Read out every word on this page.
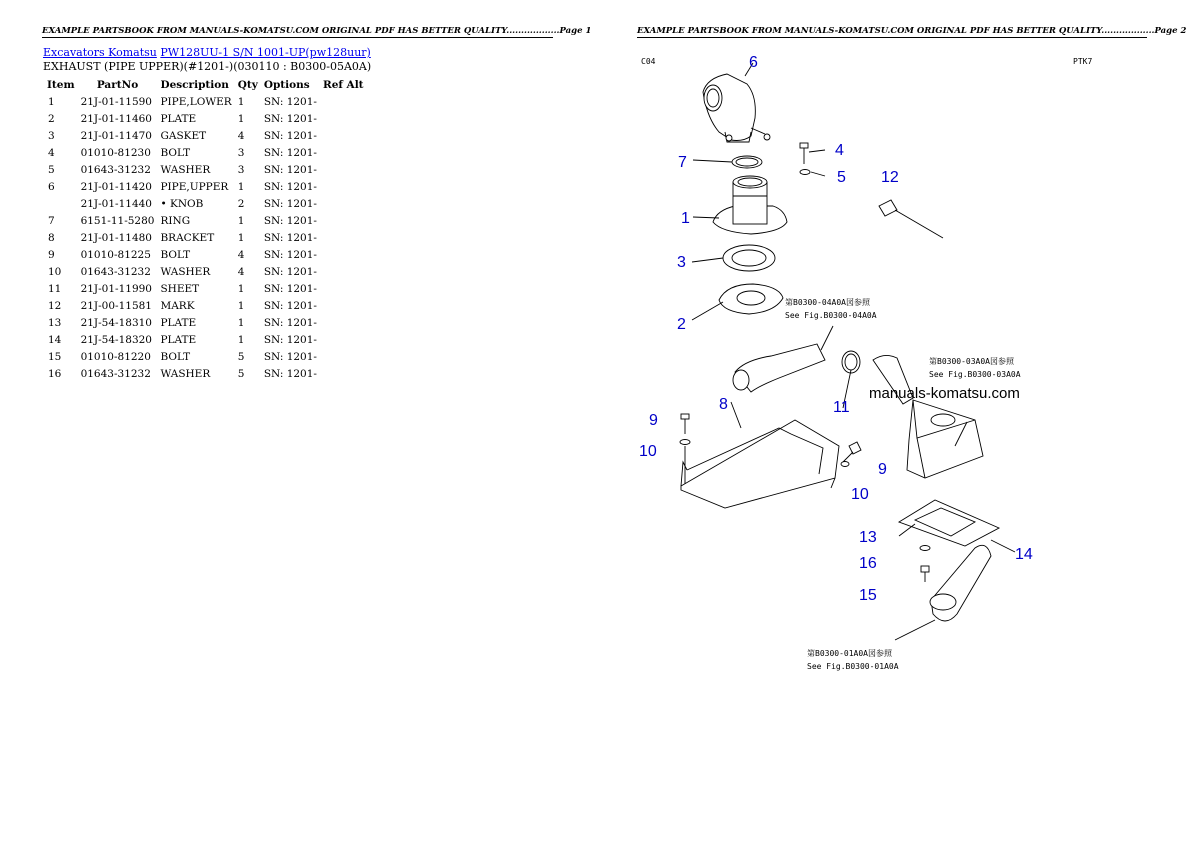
EXAMPLE PARTSBOOK FROM MANUALS-KOMATSU.COM ORIGINAL PDF HAS BETTER QUALITY..................Page 1
Excavators Komatsu PW128UU-1 S/N 1001-UP(pw128uur)
EXHAUST (PIPE UPPER)(#1201-)(030110 : B0300-05A0A)
Item	PartNo	Description	Qty	Options	Ref Alt
1	21J-01-11590	PIPE,LOWER	1	SN: 1201-	
2	21J-01-11460	PLATE	1	SN: 1201-	
3	21J-01-11470	GASKET	4	SN: 1201-	
4	01010-81230	BOLT	3	SN: 1201-	
5	01643-31232	WASHER	3	SN: 1201-	
6	21J-01-11420	PIPE,UPPER	1	SN: 1201-	
	21J-01-11440	• KNOB	2	SN: 1201-	
7	6151-11-5280	RING	1	SN: 1201-	
8	21J-01-11480	BRACKET	1	SN: 1201-	
9	01010-81225	BOLT	4	SN: 1201-	
10	01643-31232	WASHER	4	SN: 1201-	
11	21J-01-11990	SHEET	1	SN: 1201-	
12	21J-00-11581	MARK	1	SN: 1201-	
13	21J-54-18310	PLATE	1	SN: 1201-	
14	21J-54-18320	PLATE	1	SN: 1201-	
15	01010-81220	BOLT	5	SN: 1201-	
16	01643-31232	WASHER	5	SN: 1201-	
EXAMPLE PARTSBOOK FROM MANUALS-KOMATSU.COM ORIGINAL PDF HAS BETTER QUALITY..................Page 2
C04	PTK7
1
2
3
4
5
6
7
8
9
9
10
10
11
12
13
14
15
16
第B0300-04A0A図参照
See Fig.B0300-04A0A
第B0300-03A0A図参照
See Fig.B0300-03A0A
第B0300-01A0A図参照
See Fig.B0300-01A0A
manuals-komatsu.com
